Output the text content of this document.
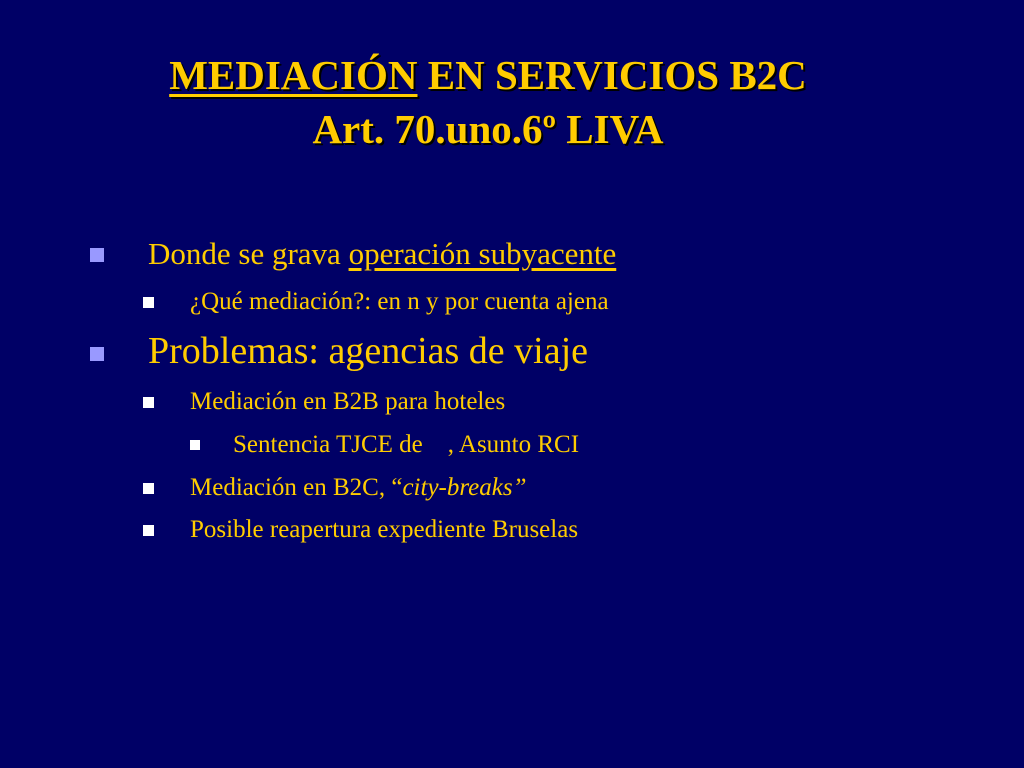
MEDIACIÓN EN SERVICIOS B2C
Art. 70.uno.6º LIVA
Donde se grava operación subyacente
¿Qué mediación?: en n y por cuenta ajena
Problemas: agencias de viaje
Mediación en B2B para hoteles
Sentencia TJCE de    , Asunto RCI
Mediación en B2C, “city-breaks”
Posible reapertura expediente Bruselas
